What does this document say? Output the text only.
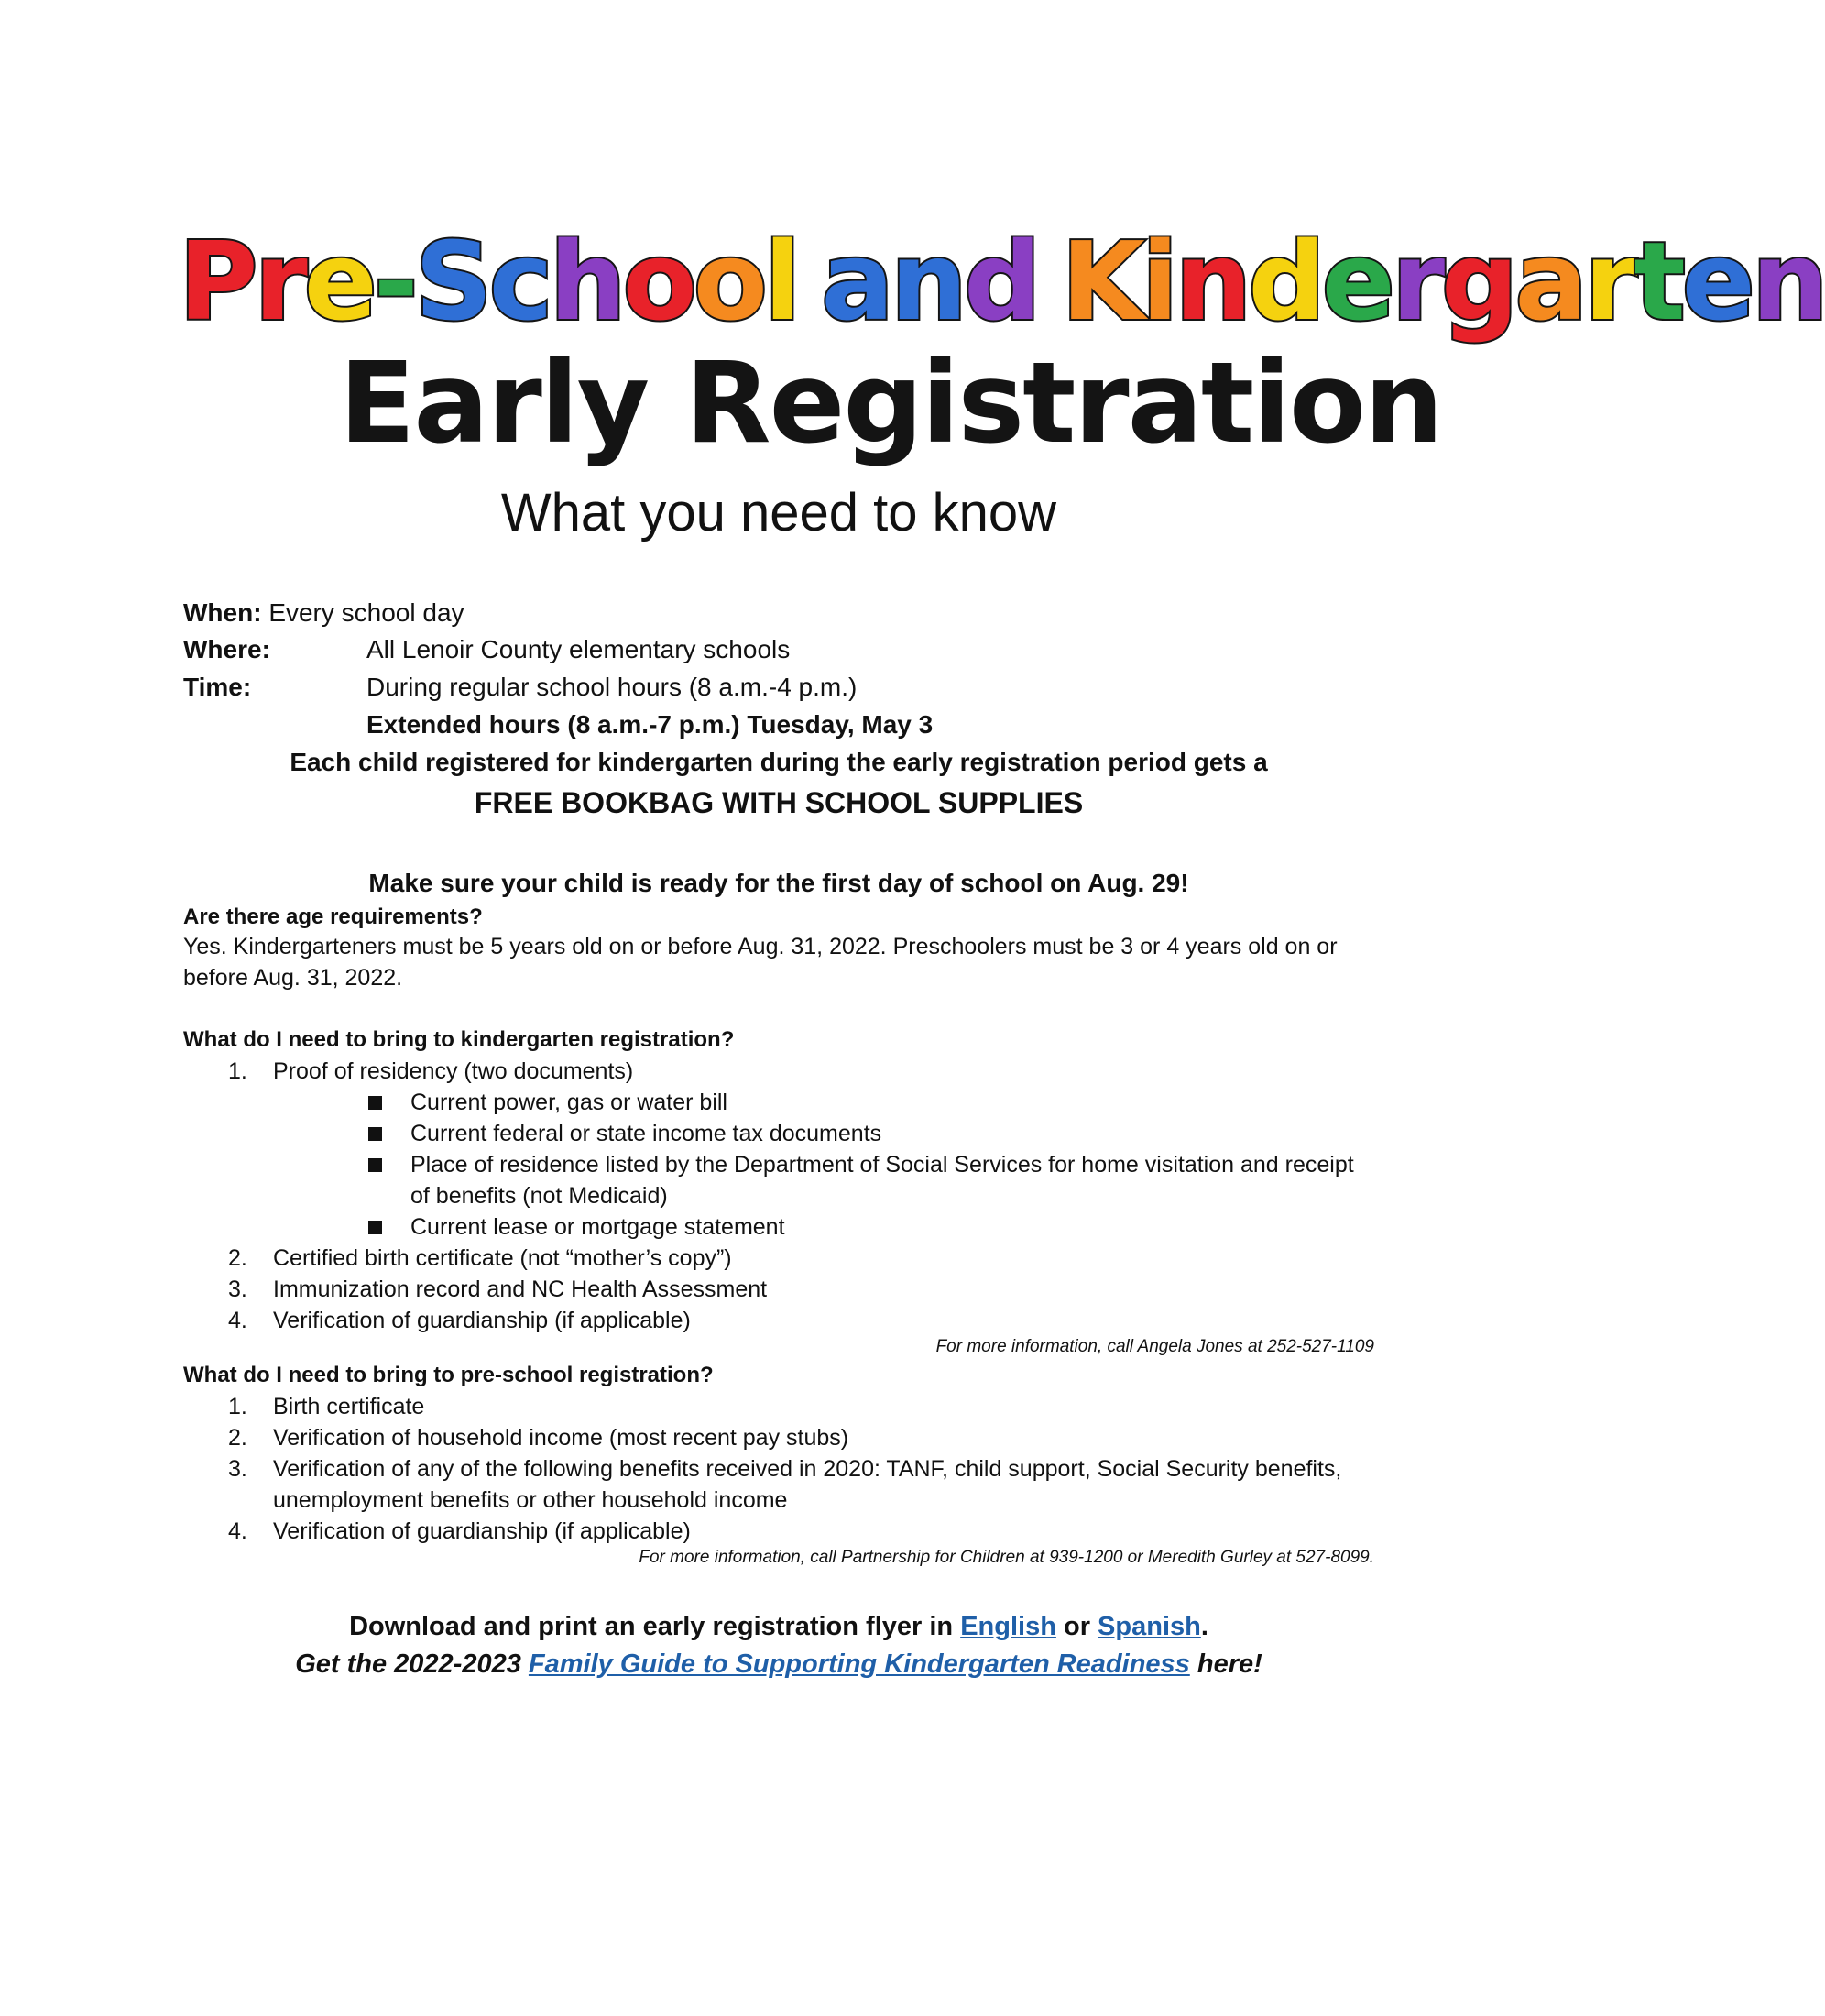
Pre-School and Kindergarten
Early Registration
What you need to know
When: Every school day
Where:	All Lenoir County elementary schools
Time:	During regular school hours (8 a.m.-4 p.m.)
Extended hours (8 a.m.-7 p.m.) Tuesday, May 3
Each child registered for kindergarten during the early registration period gets a
FREE BOOKBAG WITH SCHOOL SUPPLIES
Make sure your child is ready for the first day of school on Aug. 29!
Are there age requirements?
Yes. Kindergarteners must be 5 years old on or before Aug. 31, 2022. Preschoolers must be 3 or 4 years old on or before Aug. 31, 2022.
What do I need to bring to kindergarten registration?
1. Proof of residency (two documents)
Current power, gas or water bill
Current federal or state income tax documents
Place of residence listed by the Department of Social Services for home visitation and receipt of benefits (not Medicaid)
Current lease or mortgage statement
2. Certified birth certificate (not “mother’s copy”)
3. Immunization record and NC Health Assessment
4. Verification of guardianship (if applicable)
For more information, call Angela Jones at 252-527-1109
What do I need to bring to pre-school registration?
1. Birth certificate
2. Verification of household income (most recent pay stubs)
3. Verification of any of the following benefits received in 2020: TANF, child support, Social Security benefits, unemployment benefits or other household income
4. Verification of guardianship (if applicable)
For more information, call Partnership for Children at 939-1200 or Meredith Gurley at 527-8099.
Download and print an early registration flyer in English or Spanish.
Get the 2022-2023 Family Guide to Supporting Kindergarten Readiness here!
